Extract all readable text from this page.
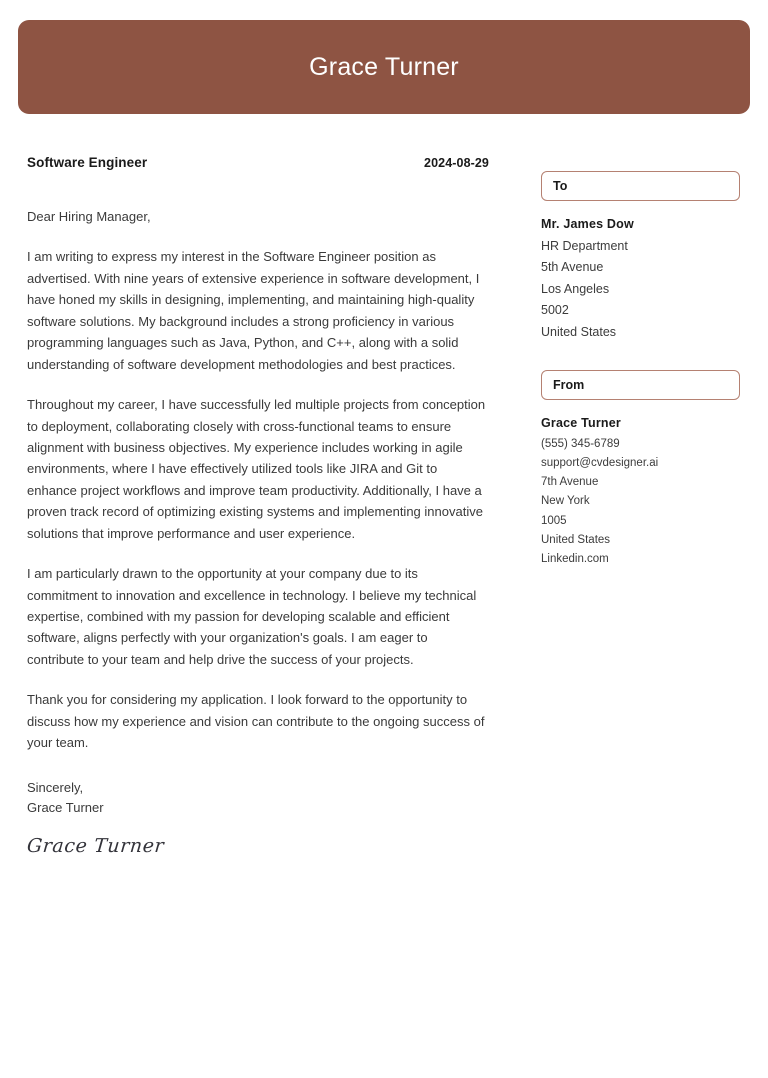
Grace Turner
Software Engineer	2024-08-29
Dear Hiring Manager,
I am writing to express my interest in the Software Engineer position as advertised. With nine years of extensive experience in software development, I have honed my skills in designing, implementing, and maintaining high-quality software solutions. My background includes a strong proficiency in various programming languages such as Java, Python, and C++, along with a solid understanding of software development methodologies and best practices.
Throughout my career, I have successfully led multiple projects from conception to deployment, collaborating closely with cross-functional teams to ensure alignment with business objectives. My experience includes working in agile environments, where I have effectively utilized tools like JIRA and Git to enhance project workflows and improve team productivity. Additionally, I have a proven track record of optimizing existing systems and implementing innovative solutions that improve performance and user experience.
I am particularly drawn to the opportunity at your company due to its commitment to innovation and excellence in technology. I believe my technical expertise, combined with my passion for developing scalable and efficient software, aligns perfectly with your organization's goals. I am eager to contribute to your team and help drive the success of your projects.
Thank you for considering my application. I look forward to the opportunity to discuss how my experience and vision can contribute to the ongoing success of your team.
Sincerely,
Grace Turner
Grace Turner
To
Mr. James Dow
HR Department
5th Avenue
Los Angeles
5002
United States
From
Grace Turner
(555) 345-6789
support@cvdesigner.ai
7th Avenue
New York
1005
United States
Linkedin.com
